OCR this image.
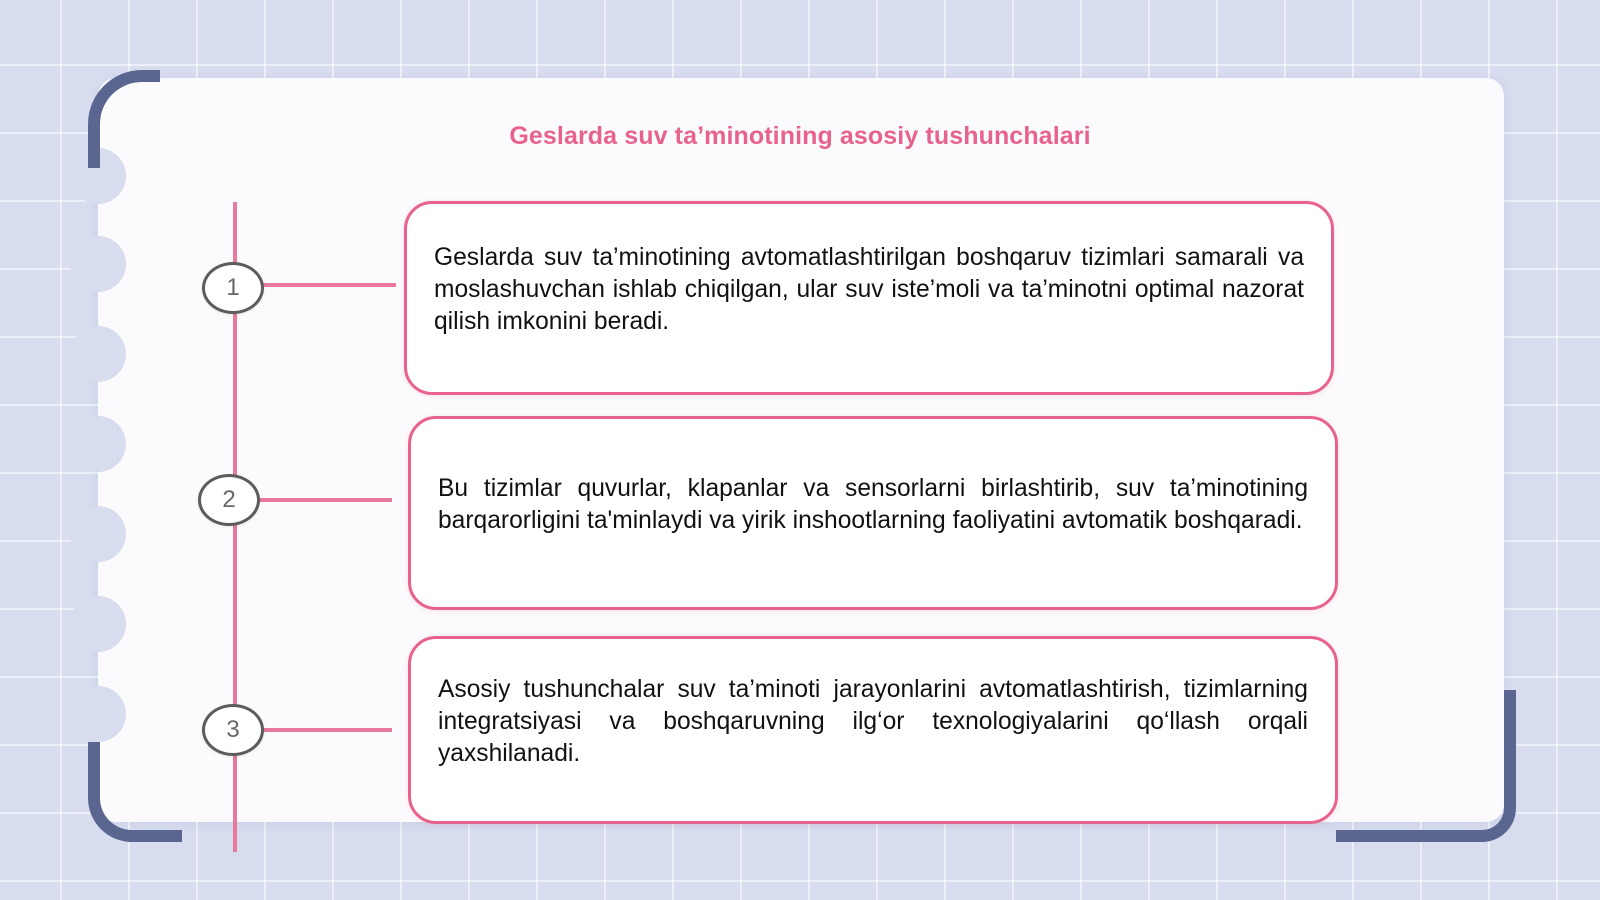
Geslarda suv ta’minotining asosiy tushunchalari
1
Geslarda suv ta’minotining avtomatlashtirilgan boshqaruv tizimlari samarali va moslashuvchan ishlab chiqilgan, ular suv iste’moli va ta’minotni optimal nazorat qilish imkonini beradi.
2	Bu tizimlar quvurlar, klapanlar va sensorlarni birlashtirib, suv ta’minotining barqarorligini ta'minlaydi va yirik inshootlarning faoliyatini avtomatik boshqaradi.
3
Asosiy tushunchalar suv ta’minoti jarayonlarini avtomatlashtirish, tizimlarning integratsiyasi va boshqaruvning ilg‘or texnologiyalarini qo‘llash orqali yaxshilanadi.
